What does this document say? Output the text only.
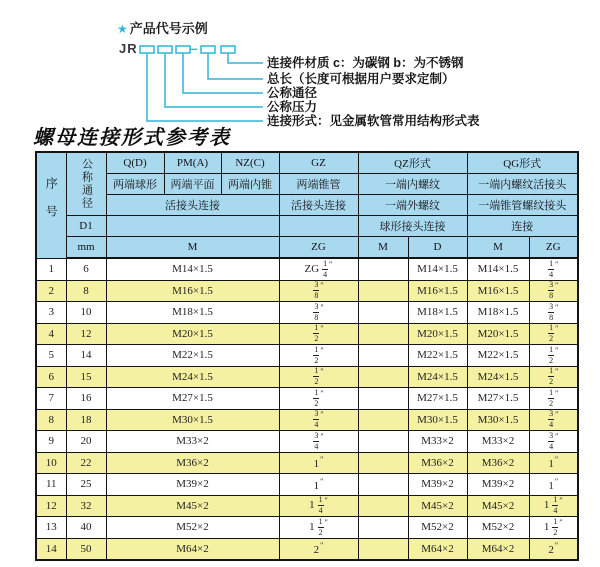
★ 产品代号示例
JR	–
连接件材质 c：为碳钢 b：为不锈钢
总长（长度可根据用户要求定制）
公称通径
公称压力
连接形式：见金属软管常用结构形式表
螺母连接形式参考表
序号	公称通径	Q(D)	PM(A)	NZ(C)	GZ	QZ形式		QG形式	
		两端球形	两端平面	两端内锥	两端锥管	一端内螺纹		一端内螺纹活接头	
		活接头连接			活接头连接	一端外螺纹		一端锥管螺纹接头	
	D1					球形接头连接		连接	
	mm	M			ZG	M	D	M	ZG
1	6	M14×1.5			ZG $\frac{1}{4} ''$		M14×1.5	M14×1.5	$\frac{1}{4} ''$
2	8	M16×1.5			$\frac{3}{8} ''$		M16×1.5	M16×1.5	$\frac{3}{8} ''$
3	10	M18×1.5			$\frac{3}{8} ''$		M18×1.5	M18×1.5	$\frac{3}{8} ''$
4	12	M20×1.5			$\frac{1}{2} ''$		M20×1.5	M20×1.5	$\frac{1}{2} ''$
5	14	M22×1.5			$\frac{1}{2} ''$		M22×1.5	M22×1.5	$\frac{1}{2} ''$
6	15	M24×1.5			$\frac{1}{2} ''$		M24×1.5	M24×1.5	$\frac{1}{2} ''$
7	16	M27×1.5			$\frac{1}{2} ''$		M27×1.5	M27×1.5	$\frac{1}{2} ''$
8	18	M30×1.5			$\frac{3}{4} ''$		M30×1.5	M30×1.5	$\frac{3}{4} ''$
9	20	M33×2			$\frac{3}{4} ''$		M33×2	M33×2	$\frac{3}{4} ''$
10	22	M36×2			1″		M36×2	M36×2	1″
11	25	M39×2			1″		M39×2	M39×2	1″
12	32	M45×2			$1 \frac{1}{4} ''$		M45×2	M45×2	$1 \frac{1}{4} ''$
13	40	M52×2			$1 \frac{1}{2} ''$		M52×2	M52×2	$1 \frac{1}{2} ''$
14	50	M64×2			2″		M64×2	M64×2	2″
